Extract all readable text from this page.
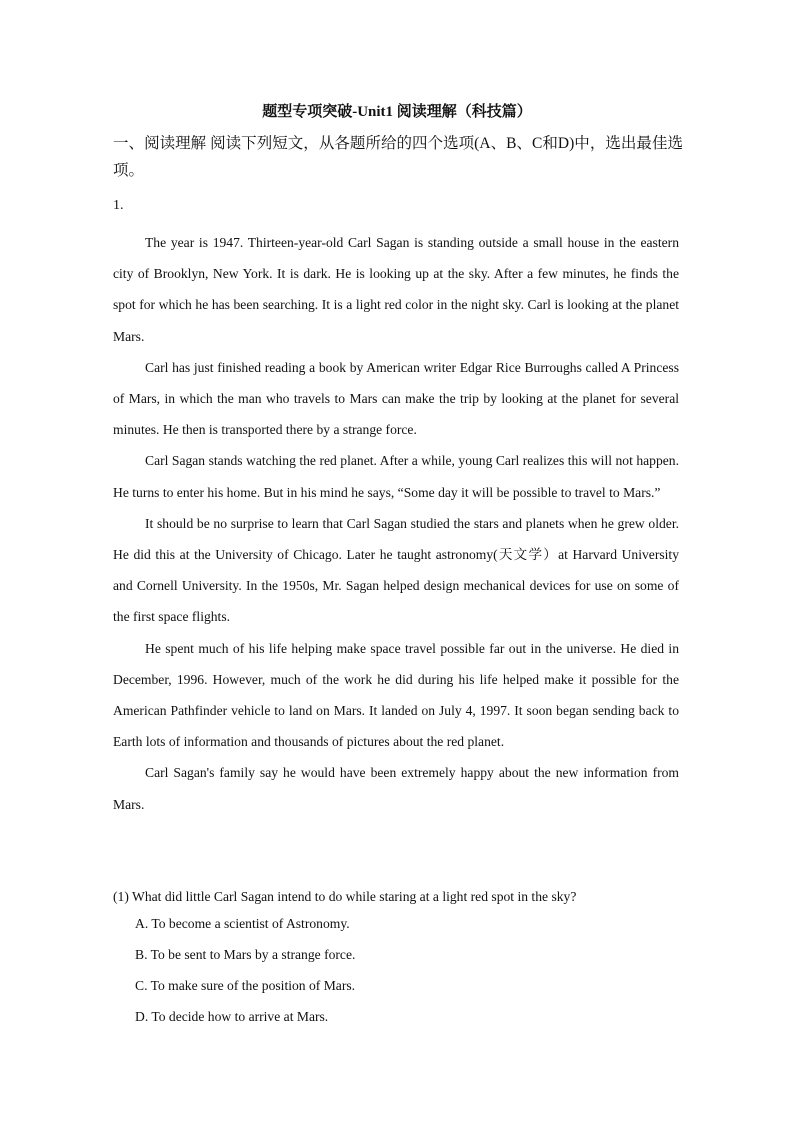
题型专项突破-Unit1 阅读理解（科技篇）
一、阅读理解 阅读下列短文，从各题所给的四个选项(A、B、C和D)中，选出最佳选项。
1.

The year is 1947. Thirteen-year-old Carl Sagan is standing outside a small house in the eastern city of Brooklyn, New York. It is dark. He is looking up at the sky. After a few minutes, he finds the spot for which he has been searching. It is a light red color in the night sky. Carl is looking at the planet Mars.

Carl has just finished reading a book by American writer Edgar Rice Burroughs called A Princess of Mars, in which the man who travels to Mars can make the trip by looking at the planet for several minutes. He then is transported there by a strange force.

Carl Sagan stands watching the red planet. After a while, young Carl realizes this will not happen. He turns to enter his home. But in his mind he says, “Some day it will be possible to travel to Mars.”

It should be no surprise to learn that Carl Sagan studied the stars and planets when he grew older. He did this at the University of Chicago. Later he taught astronomy(天文学）at Harvard University and Cornell University. In the 1950s, Mr. Sagan helped design mechanical devices for use on some of the first space flights.

He spent much of his life helping make space travel possible far out in the universe. He died in December, 1996. However, much of the work he did during his life helped make it possible for the American Pathfinder vehicle to land on Mars. It landed on July 4, 1997. It soon began sending back to Earth lots of information and thousands of pictures about the red planet.

Carl Sagan's family say he would have been extremely happy about the new information from Mars.

(1) What did little Carl Sagan intend to do while staring at a light red spot in the sky?
A. To become a scientist of Astronomy.
B. To be sent to Mars by a strange force.
C. To make sure of the position of Mars.
D. To decide how to arrive at Mars.
